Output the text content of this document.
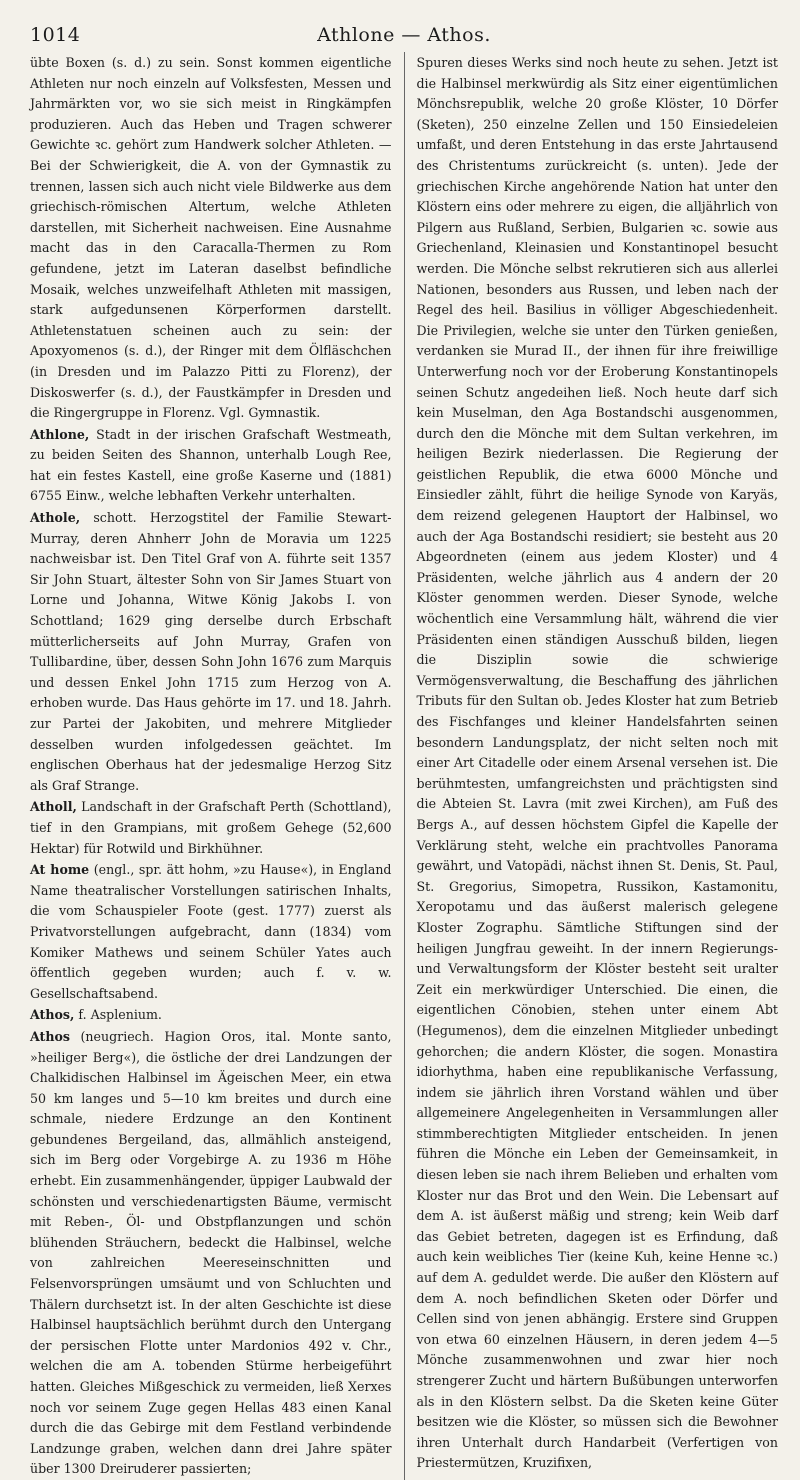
1014	Athlone — Athos.

übte Boxen (s. d.) zu sein. Sonst kommen eigentliche Athleten nur noch einzeln auf Volksfesten, Messen und Jahrmärkten vor, wo sie sich meist in Ringkämpfen produzieren. Auch das Heben und Tragen schwerer Gewichte ꝛc. gehört zum Handwerk solcher Athleten. — Bei der Schwierigkeit, die A. von der Gymnastik zu trennen, lassen sich auch nicht viele Bildwerke aus dem griechisch-römischen Altertum, welche Athleten darstellen, mit Sicherheit nachweisen. Eine Ausnahme macht das in den Caracalla-Thermen zu Rom gefundene, jetzt im Lateran daselbst befindliche Mosaik, welches unzweifelhaft Athleten mit massigen, stark aufgedunsenen Körperformen darstellt. Athletenstatuen scheinen auch zu sein: der Apoxyomenos (s. d.), der Ringer mit dem Ölfläschchen (in Dresden und im Palazzo Pitti zu Florenz), der Diskoswerfer (s. d.), der Faustkämpfer in Dresden und die Ringergruppe in Florenz. Vgl. Gymnastik.

Athlone, Stadt in der irischen Grafschaft Westmeath, zu beiden Seiten des Shannon, unterhalb Lough Ree, hat ein festes Kastell, eine große Kaserne und (1881) 6755 Einw., welche lebhaften Verkehr unterhalten.

Athole, schott. Herzogstitel der Familie Stewart-Murray, deren Ahnherr John de Moravia um 1225 nachweisbar ist. Den Titel Graf von A. führte seit 1357 Sir John Stuart, ältester Sohn von Sir James Stuart von Lorne und Johanna, Witwe König Jakobs I. von Schottland; 1629 ging derselbe durch Erbschaft mütterlicherseits auf John Murray, Grafen von Tullibardine, über, dessen Sohn John 1676 zum Marquis und dessen Enkel John 1715 zum Herzog von A. erhoben wurde. Das Haus gehörte im 17. und 18. Jahrh. zur Partei der Jakobiten, und mehrere Mitglieder desselben wurden infolgedessen geächtet. Im englischen Oberhaus hat der jedesmalige Herzog Sitz als Graf Strange.

Atholl, Landschaft in der Grafschaft Perth (Schottland), tief in den Grampians, mit großem Gehege (52,600 Hektar) für Rotwild und Birkhühner.

At home (engl., spr. ätt hohm, »zu Hause«), in England Name theatralischer Vorstellungen satirischen Inhalts, die vom Schauspieler Foote (gest. 1777) zuerst als Privatvorstellungen aufgebracht, dann (1834) vom Komiker Mathews und seinem Schüler Yates auch öffentlich gegeben wurden; auch f. v. w. Gesellschaftsabend.

Athos, f. Asplenium.

Athos (neugriech. Hagion Oros, ital. Monte santo, »heiliger Berg«), die östliche der drei Landzungen der Chalkidischen Halbinsel im Ägeischen Meer, ein etwa 50 km langes und 5—10 km breites und durch eine schmale, niedere Erdzunge an den Kontinent gebundenes Bergeiland, das, allmählich ansteigend, sich im Berg oder Vorgebirge A. zu 1936 m Höhe erhebt. Ein zusammenhängender, üppiger Laubwald der schönsten und verschiedenartigsten Bäume, vermischt mit Reben-, Öl- und Obstpflanzungen und schön blühenden Sträuchern, bedeckt die Halbinsel, welche von zahlreichen Meereseinschnitten und Felsenvorsprüngen umsäumt und von Schluchten und Thälern durchsetzt ist. In der alten Geschichte ist diese Halbinsel hauptsächlich berühmt durch den Untergang der persischen Flotte unter Mardonios 492 v. Chr., welchen die am A. tobenden Stürme herbeigeführt hatten. Gleiches Mißgeschick zu vermeiden, ließ Xerxes noch vor seinem Zuge gegen Hellas 483 einen Kanal durch die das Gebirge mit dem Festland verbindende Landzunge graben, welchen dann drei Jahre später über 1300 Dreiruderer passierten;

Spuren dieses Werks sind noch heute zu sehen. Jetzt ist die Halbinsel merkwürdig als Sitz einer eigentümlichen Mönchsrepublik, welche 20 große Klöster, 10 Dörfer (Sketen), 250 einzelne Zellen und 150 Einsiedeleien umfaßt, und deren Entstehung in das erste Jahrtausend des Christentums zurückreicht (s. unten). Jede der griechischen Kirche angehörende Nation hat unter den Klöstern eins oder mehrere zu eigen, die alljährlich von Pilgern aus Rußland, Serbien, Bulgarien ꝛc. sowie aus Griechenland, Kleinasien und Konstantinopel besucht werden. Die Mönche selbst rekrutieren sich aus allerlei Nationen, besonders aus Russen, und leben nach der Regel des heil. Basilius in völliger Abgeschiedenheit. Die Privilegien, welche sie unter den Türken genießen, verdanken sie Murad II., der ihnen für ihre freiwillige Unterwerfung noch vor der Eroberung Konstantinopels seinen Schutz angedeihen ließ. Noch heute darf sich kein Muselman, den Aga Bostandschi ausgenommen, durch den die Mönche mit dem Sultan verkehren, im heiligen Bezirk niederlassen. Die Regierung der geistlichen Republik, die etwa 6000 Mönche und Einsiedler zählt, führt die heilige Synode von Karyäs, dem reizend gelegenen Hauptort der Halbinsel, wo auch der Aga Bostandschi residiert; sie besteht aus 20 Abgeordneten (einem aus jedem Kloster) und 4 Präsidenten, welche jährlich aus 4 andern der 20 Klöster genommen werden. Dieser Synode, welche wöchentlich eine Versammlung hält, während die vier Präsidenten einen ständigen Ausschuß bilden, liegen die Disziplin sowie die schwierige Vermögensverwaltung, die Beschaffung des jährlichen Tributs für den Sultan ob. Jedes Kloster hat zum Betrieb des Fischfanges und kleiner Handelsfahrten seinen besondern Landungsplatz, der nicht selten noch mit einer Art Citadelle oder einem Arsenal versehen ist. Die berühmtesten, umfangreichsten und prächtigsten sind die Abteien St. Lavra (mit zwei Kirchen), am Fuß des Bergs A., auf dessen höchstem Gipfel die Kapelle der Verklärung steht, welche ein prachtvolles Panorama gewährt, und Vatopädi, nächst ihnen St. Denis, St. Paul, St. Gregorius, Simopetra, Russikon, Kastamonitu, Xeropotamu und das äußerst malerisch gelegene Kloster Zographu. Sämtliche Stiftungen sind der heiligen Jungfrau geweiht. In der innern Regierungs- und Verwaltungsform der Klöster besteht seit uralter Zeit ein merkwürdiger Unterschied. Die einen, die eigentlichen Cönobien, stehen unter einem Abt (Hegumenos), dem die einzelnen Mitglieder unbedingt gehorchen; die andern Klöster, die sogen. Monastira idiorhythma, haben eine republikanische Verfassung, indem sie jährlich ihren Vorstand wählen und über allgemeinere Angelegenheiten in Versammlungen aller stimmberechtigten Mitglieder entscheiden. In jenen führen die Mönche ein Leben der Gemeinsamkeit, in diesen leben sie nach ihrem Belieben und erhalten vom Kloster nur das Brot und den Wein. Die Lebensart auf dem A. ist äußerst mäßig und streng; kein Weib darf das Gebiet betreten, dagegen ist es Erfindung, daß auch kein weibliches Tier (keine Kuh, keine Henne ꝛc.) auf dem A. geduldet werde. Die außer den Klöstern auf dem A. noch befindlichen Sketen oder Dörfer und Cellen sind von jenen abhängig. Erstere sind Gruppen von etwa 60 einzelnen Häusern, in deren jedem 4—5 Mönche zusammenwohnen und zwar hier noch strengerer Zucht und härtern Bußübungen unterworfen als in den Klöstern selbst. Da die Sketen keine Güter besitzen wie die Klöster, so müssen sich die Bewohner ihren Unterhalt durch Handarbeit (Verfertigen von Priestermützen, Kruzifixen,
